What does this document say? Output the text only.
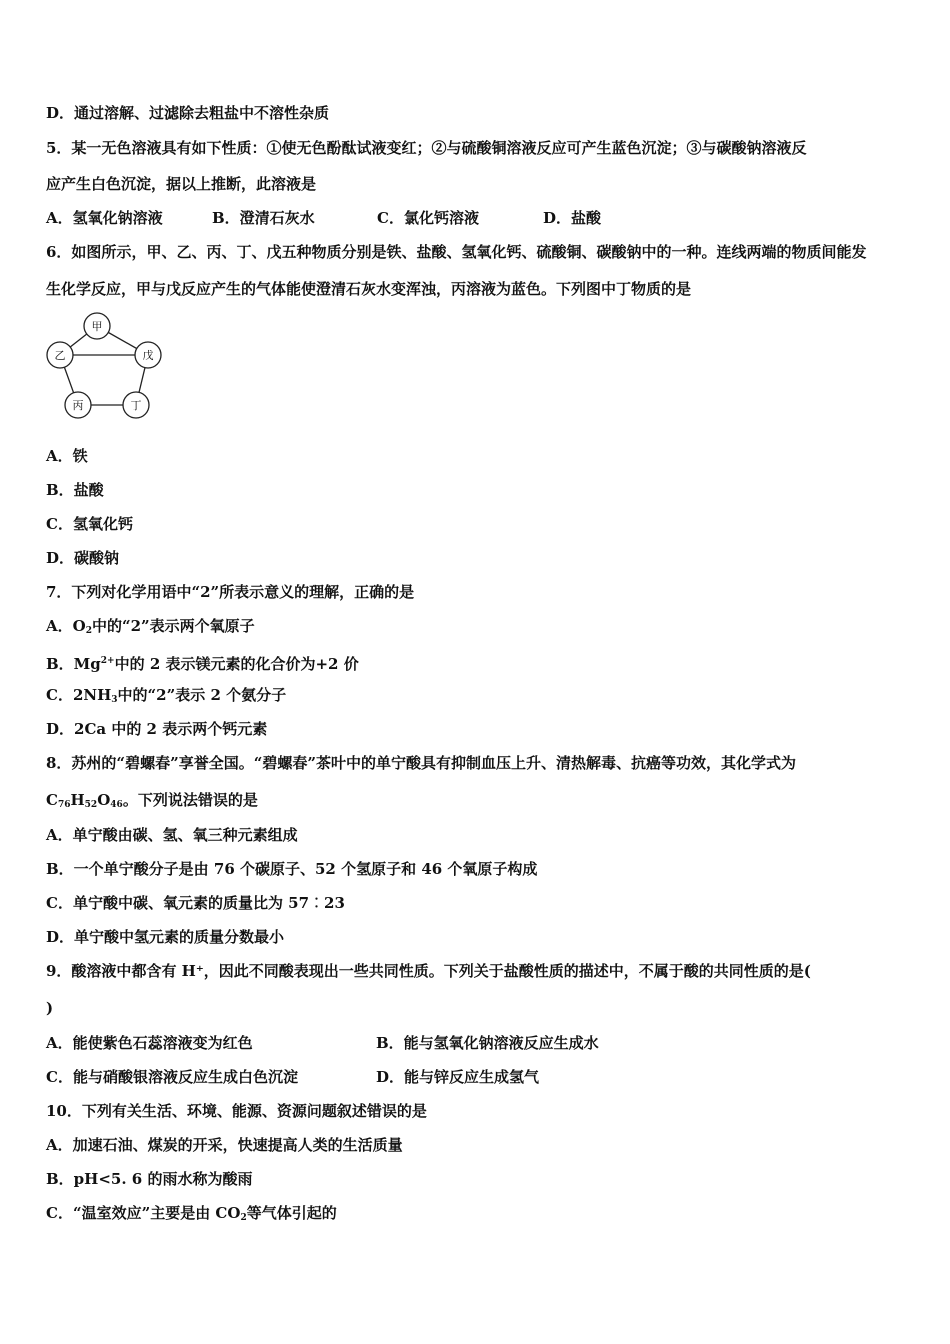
D．通过溶解、过滤除去粗盐中不溶性杂质
5．某一无色溶液具有如下性质：①使无色酚酞试液变红；②与硫酸铜溶液反应可产生蓝色沉淀；③与碳酸钠溶液反
应产生白色沉淀，据以上推断，此溶液是
A．氢氧化钠溶液	B．澄清石灰水	C．氯化钙溶液	D．盐酸
6．如图所示，甲、乙、丙、丁、戊五种物质分别是铁、盐酸、氢氧化钙、硫酸铜、碳酸钠中的一种。连线两端的物质间能发
生化学反应，甲与戊反应产生的气体能使澄清石灰水变浑浊，丙溶液为蓝色。下列图中丁物质的是
甲
戊
丁
丙
乙
A．铁
B．盐酸
C．氢氧化钙
D．碳酸钠
7．下列对化学用语中“2”所表示意义的理解，正确的是
A．$O_2$中的“2”表示两个氧原子
B．$Mg^{2+}$中的 2 表示镁元素的化合价为+2 价
C．$2NH_3$中的“2”表示 2 个氨分子
D．2Ca 中的 2 表示两个钙元素
8．苏州的“碧螺春”享誉全国。“碧螺春”茶叶中的单宁酸具有抑制血压上升、清热解毒、抗癌等功效，其化学式为
$C_{76}H_{52}O_{46}$。下列说法错误的是
A．单宁酸由碳、氢、氧三种元素组成
B．一个单宁酸分子是由 76 个碳原子、52 个氢原子和 46 个氧原子构成
C．单宁酸中碳、氧元素的质量比为 57︰23
D．单宁酸中氢元素的质量分数最小
9．酸溶液中都含有 H⁺，因此不同酸表现出一些共同性质。下列关于盐酸性质的描述中，不属于酸的共同性质的是(
)
A．能使紫色石蕊溶液变为红色	B．能与氢氧化钠溶液反应生成水
C．能与硝酸银溶液反应生成白色沉淀	D．能与锌反应生成氢气
10．下列有关生活、环境、能源、资源问题叙述错误的是
A．加速石油、煤炭的开采，快速提高人类的生活质量
B．pH<5. 6 的雨水称为酸雨
C．“温室效应”主要是由 $CO_2$等气体引起的
